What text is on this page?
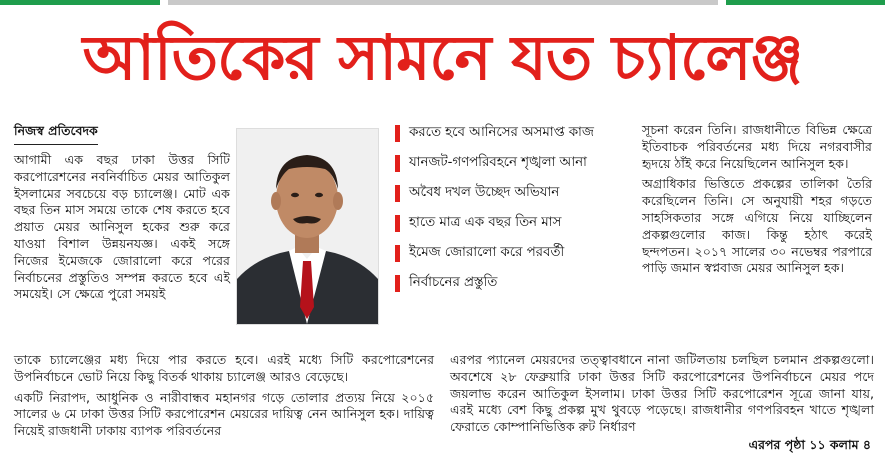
আতিকের সামনে যত চ্যালেঞ্জ
নিজস্ব প্রতিবেদক

আগামী এক বছর ঢাকা উত্তর সিটি করপোরেশনের নবনির্বাচিত মেয়র আতিকুল ইসলামের সবচেয়ে বড় চ্যালেঞ্জ। মোট এক বছর তিন মাস সময়ে তাকে শেষ করতে হবে প্রয়াত মেয়র আনিসুল হকের শুরু করে যাওয়া বিশাল উন্নয়নযজ্ঞ। একই সঙ্গে নিজের ইমেজকে জোরালো করে পরের নির্বাচনের প্রস্তুতিও সম্পন্ন করতে হবে এই সময়েই। সে ক্ষেত্রে পুরো সময়ই

করতে হবে আনিসের অসমাপ্ত কাজ
যানজট-গণপরিবহনে শৃঙ্খলা আনা
অবৈধ দখল উচ্ছেদ অভিযান
হাতে মাত্র এক বছর তিন মাস
ইমেজ জোরালো করে পরবর্তী
নির্বাচনের প্রস্তুতি

সূচনা করেন তিনি। রাজধানীতে বিভিন্ন ক্ষেত্রে ইতিবাচক পরিবর্তনের মধ্য দিয়ে নগরবাসীর হৃদয়ে ঠাঁই করে নিয়েছিলেন আনিসুল হক।

অগ্রাধিকার ভিত্তিতে প্রকল্পের তালিকা তৈরি করেছিলেন তিনি। সে অনুযায়ী শহর গড়তে সাহসিকতার সঙ্গে এগিয়ে নিয়ে যাচ্ছিলেন প্রকল্পগুলোর কাজ। কিন্তু হঠাৎ করেই ছন্দপতন। ২০১৭ সালের ৩০ নভেম্বর পরপারে পাড়ি জমান স্বপ্নবাজ মেয়র আনিসুল হক।

তাকে চ্যালেঞ্জের মধ্য দিয়ে পার করতে হবে। এরই মধ্যে সিটি করপোরেশনের উপনির্বাচনে ভোট নিয়ে কিছু বিতর্ক থাকায় চ্যালেঞ্জ আরও বেড়েছে।

একটি নিরাপদ, আধুনিক ও নারীবান্ধব মহানগর গড়ে তোলার প্রত্যয় নিয়ে ২০১৫ সালের ৬ মে ঢাকা উত্তর সিটি করপোরেশন মেয়রের দায়িত্ব নেন আনিসুল হক। দায়িত্ব নিয়েই রাজধানী ঢাকায় ব্যাপক পরিবর্তনের

এরপর প্যানেল মেয়রদের তত্ত্বাবধানে নানা জটিলতায় চলছিল চলমান প্রকল্পগুলো। অবশেষে ২৮ ফেব্রুয়ারি ঢাকা উত্তর সিটি করপোরেশনের উপনির্বাচনে মেয়র পদে জয়লাভ করেন আতিকুল ইসলাম। ঢাকা উত্তর সিটি করপোরেশন সূত্রে জানা যায়, এরই মধ্যে বেশ কিছু প্রকল্প মুখ থুবড়ে পড়েছে। রাজধানীর গণপরিবহন খাতে শৃঙ্খলা ফেরাতে কোম্পানিভিত্তিক রুট নির্ধারণ

এরপর পৃষ্ঠা ১১ কলাম ৪
